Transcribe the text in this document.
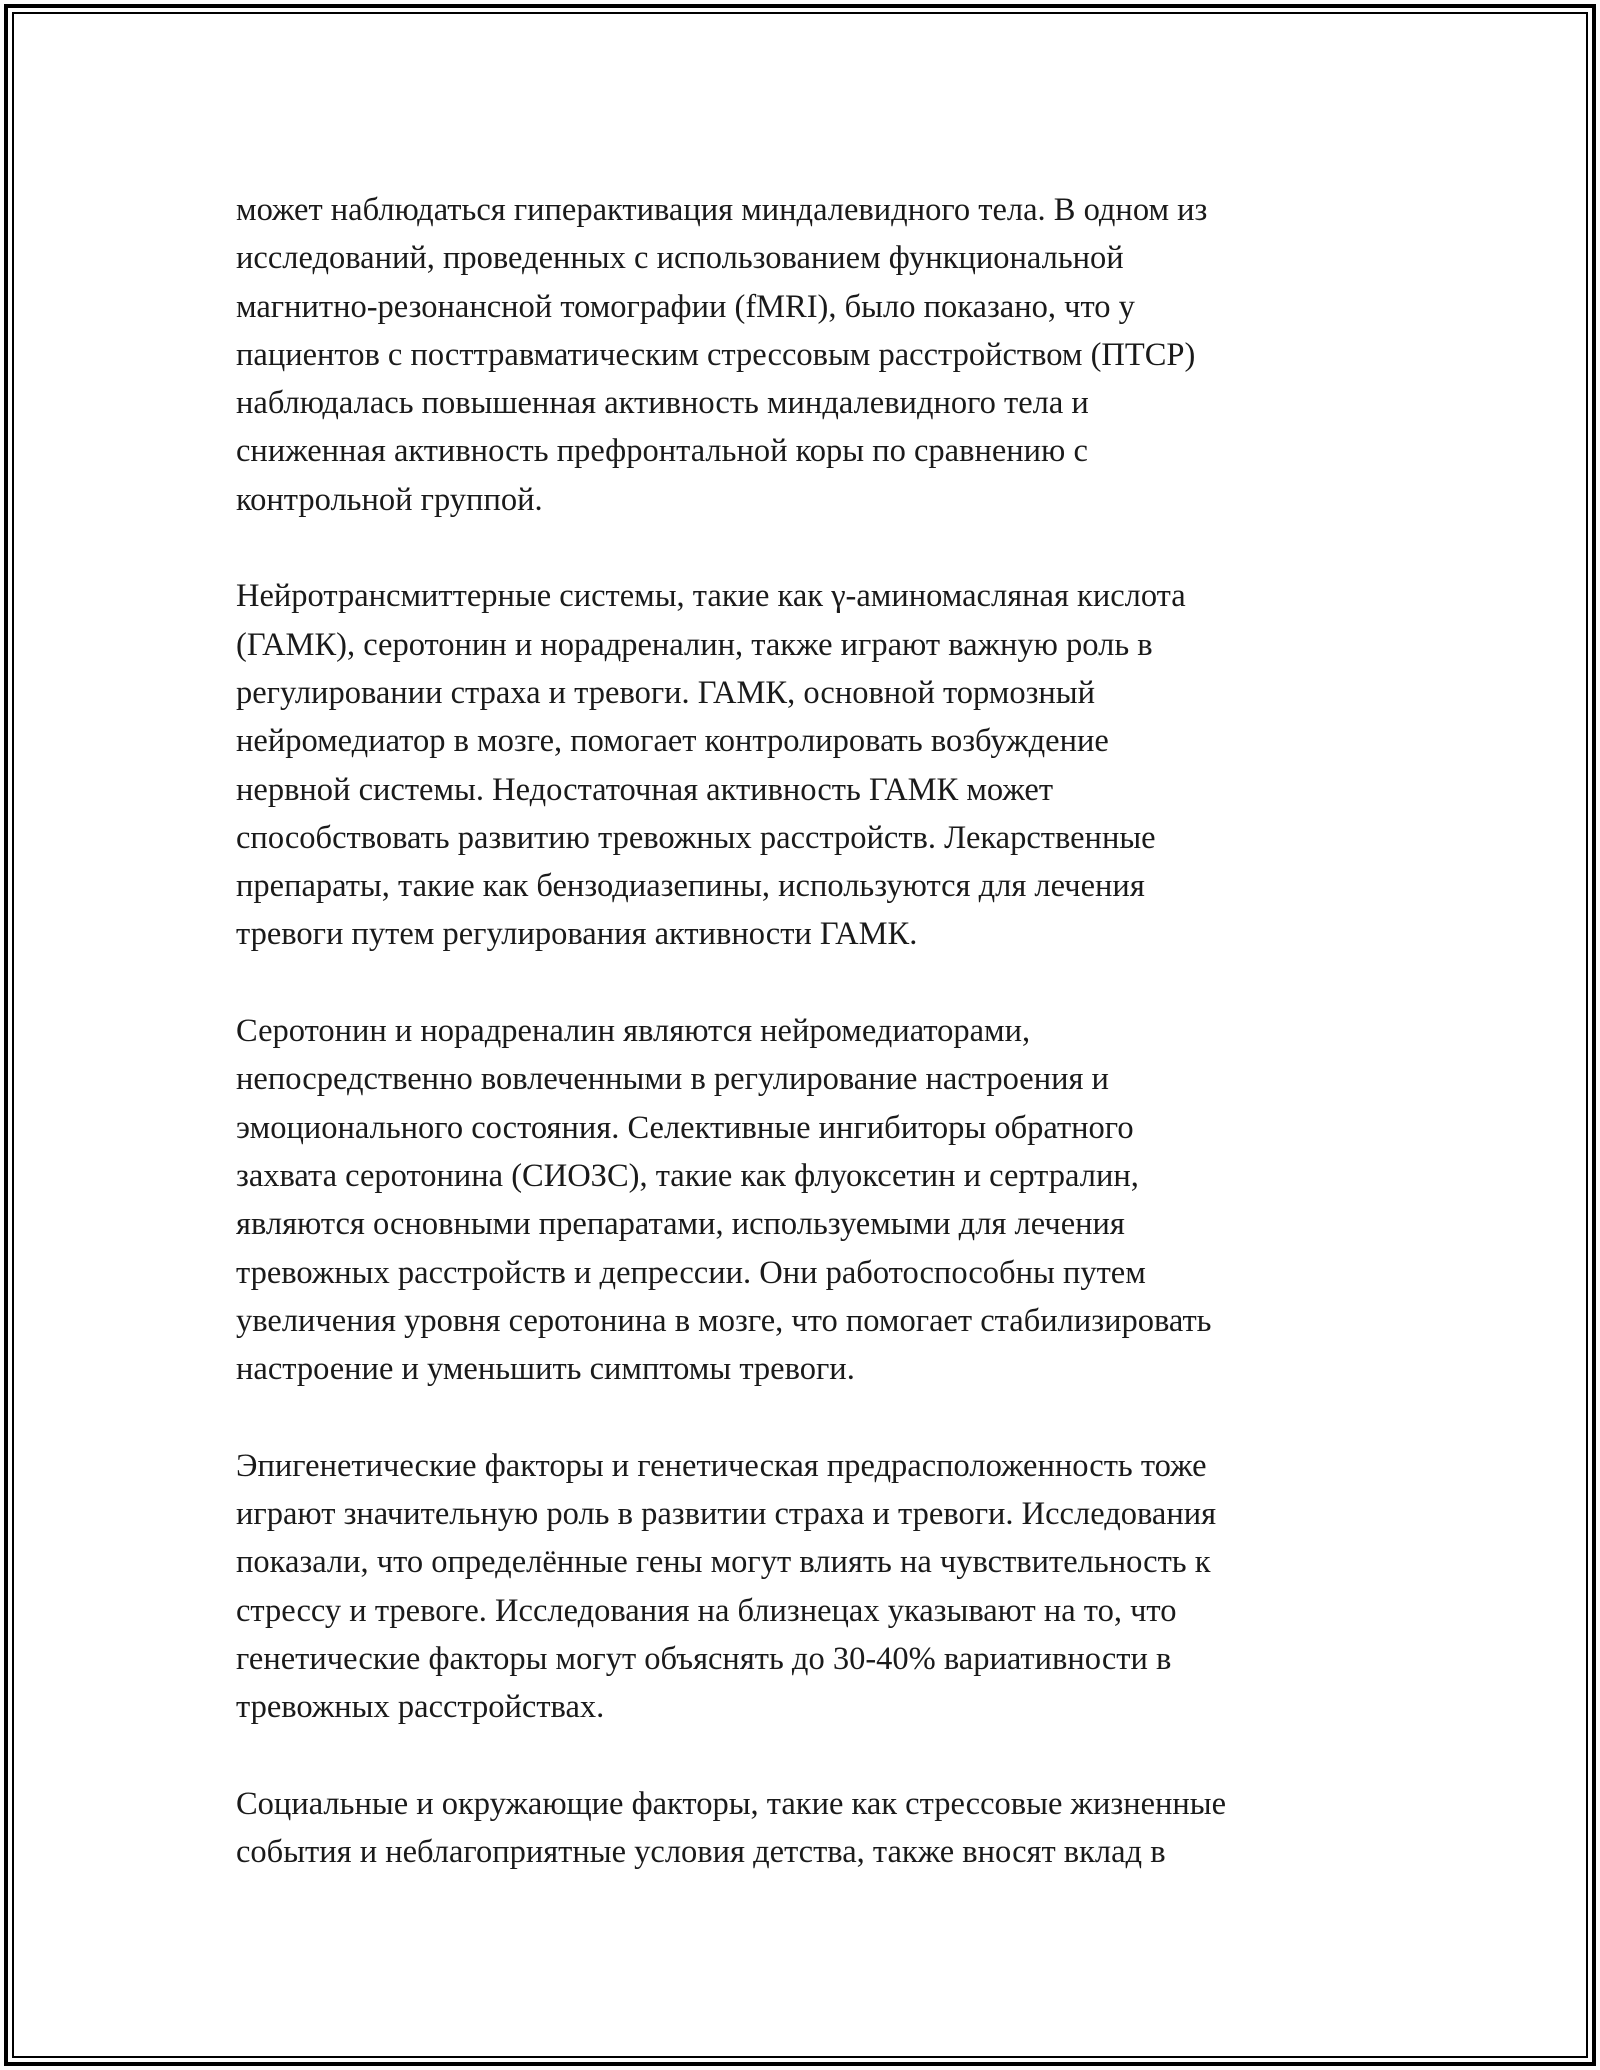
может наблюдаться гиперактивация миндалевидного тела. В одном из
исследований, проведенных с использованием функциональной
магнитно-резонансной томографии (fMRI), было показано, что у
пациентов с посттравматическим стрессовым расстройством (ПТСР)
наблюдалась повышенная активность миндалевидного тела и
сниженная активность префронтальной коры по сравнению с
контрольной группой.

Нейротрансмиттерные системы, такие как γ-аминомасляная кислота
(ГАМК), серотонин и норадреналин, также играют важную роль в
регулировании страха и тревоги. ГАМК, основной тормозный
нейромедиатор в мозге, помогает контролировать возбуждение
нервной системы. Недостаточная активность ГАМК может
способствовать развитию тревожных расстройств. Лекарственные
препараты, такие как бензодиазепины, используются для лечения
тревоги путем регулирования активности ГАМК.

Серотонин и норадреналин являются нейромедиаторами,
непосредственно вовлеченными в регулирование настроения и
эмоционального состояния. Селективные ингибиторы обратного
захвата серотонина (СИОЗС), такие как флуоксетин и сертралин,
являются основными препаратами, используемыми для лечения
тревожных расстройств и депрессии. Они работоспособны путем
увеличения уровня серотонина в мозге, что помогает стабилизировать
настроение и уменьшить симптомы тревоги.

Эпигенетические факторы и генетическая предрасположенность тоже
играют значительную роль в развитии страха и тревоги. Исследования
показали, что определённые гены могут влиять на чувствительность к
стрессу и тревоге. Исследования на близнецах указывают на то, что
генетические факторы могут объяснять до 30-40% вариативности в
тревожных расстройствах.

Социальные и окружающие факторы, такие как стрессовые жизненные
события и неблагоприятные условия детства, также вносят вклад в
